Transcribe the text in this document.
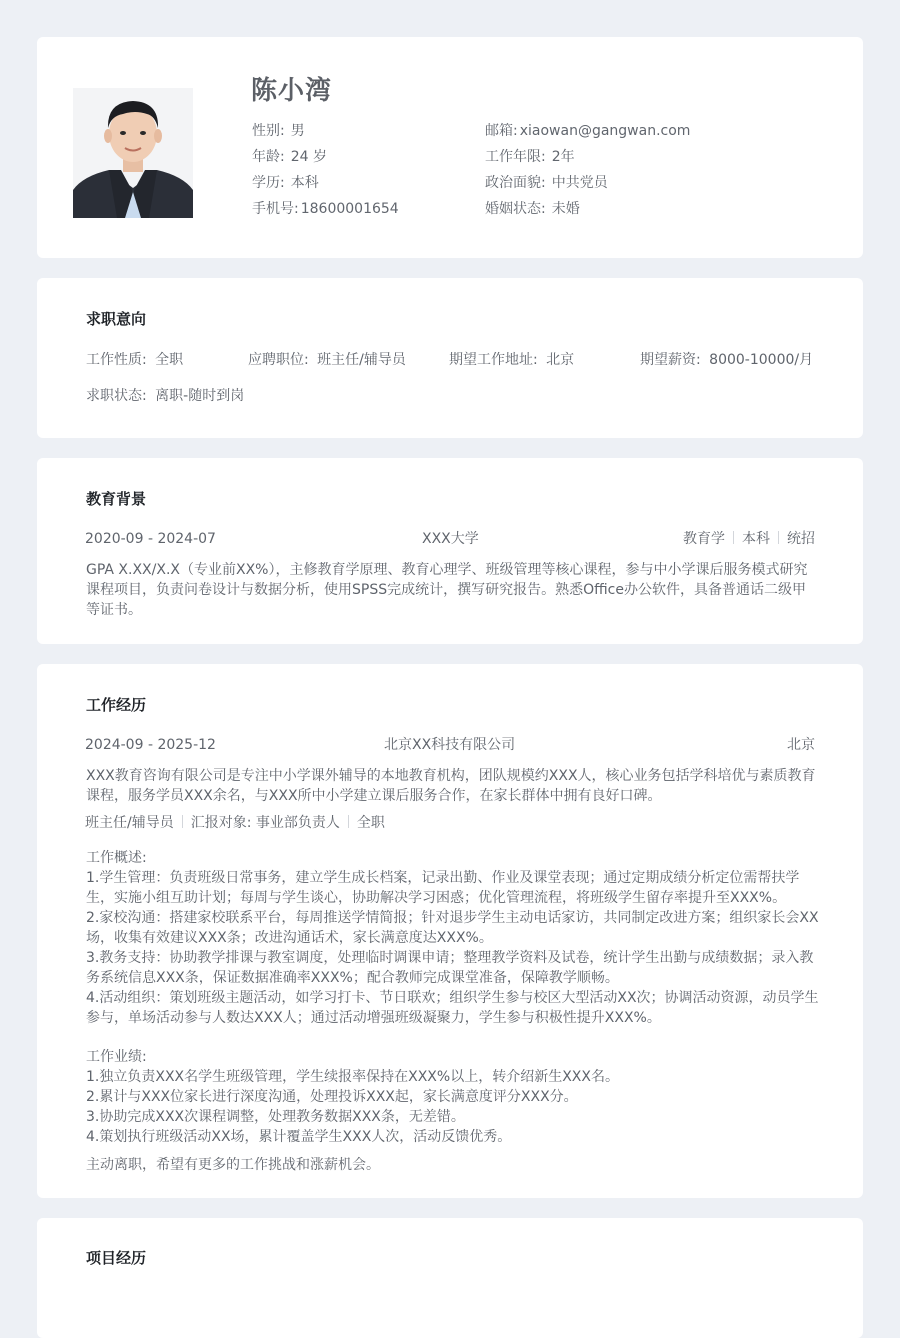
陈小湾
性别: 男
年龄: 24 岁
学历: 本科
手机号: 18600001654
邮箱: xiaowan@gangwan.com
工作年限: 2年
政治面貌: 中共党员
婚姻状态: 未婚
求职意向
工作性质: 全职	应聘职位: 班主任/辅导员	期望工作地址: 北京	期望薪资: 8000-10000/月
求职状态: 离职-随时到岗
教育背景
2020-09 - 2024-07	XXX大学	教育学 本科 统招
GPA X.XX/X.X（专业前XX%），主修教育学原理、教育心理学、班级管理等核心课程，参与中小学课后服务模式研究
课程项目，负责问卷设计与数据分析，使用SPSS完成统计，撰写研究报告。熟悉Office办公软件，具备普通话二级甲
等证书。
工作经历
2024-09 - 2025-12	北京XX科技有限公司	北京
XXX教育咨询有限公司是专注中小学课外辅导的本地教育机构，团队规模约XXX人，核心业务包括学科培优与素质教育
课程，服务学员XXX余名，与XXX所中小学建立课后服务合作，在家长群体中拥有良好口碑。
班主任/辅导员 汇报对象: 事业部负责人 全职
工作概述:
1.学生管理：负责班级日常事务，建立学生成长档案，记录出勤、作业及课堂表现；通过定期成绩分析定位需帮扶学
生，实施小组互助计划；每周与学生谈心，协助解决学习困惑；优化管理流程，将班级学生留存率提升至XXX%。
2.家校沟通：搭建家校联系平台，每周推送学情简报；针对退步学生主动电话家访，共同制定改进方案；组织家长会XX
场，收集有效建议XXX条；改进沟通话术，家长满意度达XXX%。
3.教务支持：协助教学排课与教室调度，处理临时调课申请；整理教学资料及试卷，统计学生出勤与成绩数据；录入教
务系统信息XXX条，保证数据准确率XXX%；配合教师完成课堂准备，保障教学顺畅。
4.活动组织：策划班级主题活动，如学习打卡、节日联欢；组织学生参与校区大型活动XX次；协调活动资源，动员学生
参与，单场活动参与人数达XXX人；通过活动增强班级凝聚力，学生参与积极性提升XXX%。
工作业绩:
1.独立负责XXX名学生班级管理，学生续报率保持在XXX%以上，转介绍新生XXX名。
2.累计与XXX位家长进行深度沟通，处理投诉XXX起，家长满意度评分XXX分。
3.协助完成XXX次课程调整，处理教务数据XXX条，无差错。
4.策划执行班级活动XX场，累计覆盖学生XXX人次，活动反馈优秀。
主动离职，希望有更多的工作挑战和涨薪机会。
项目经历
